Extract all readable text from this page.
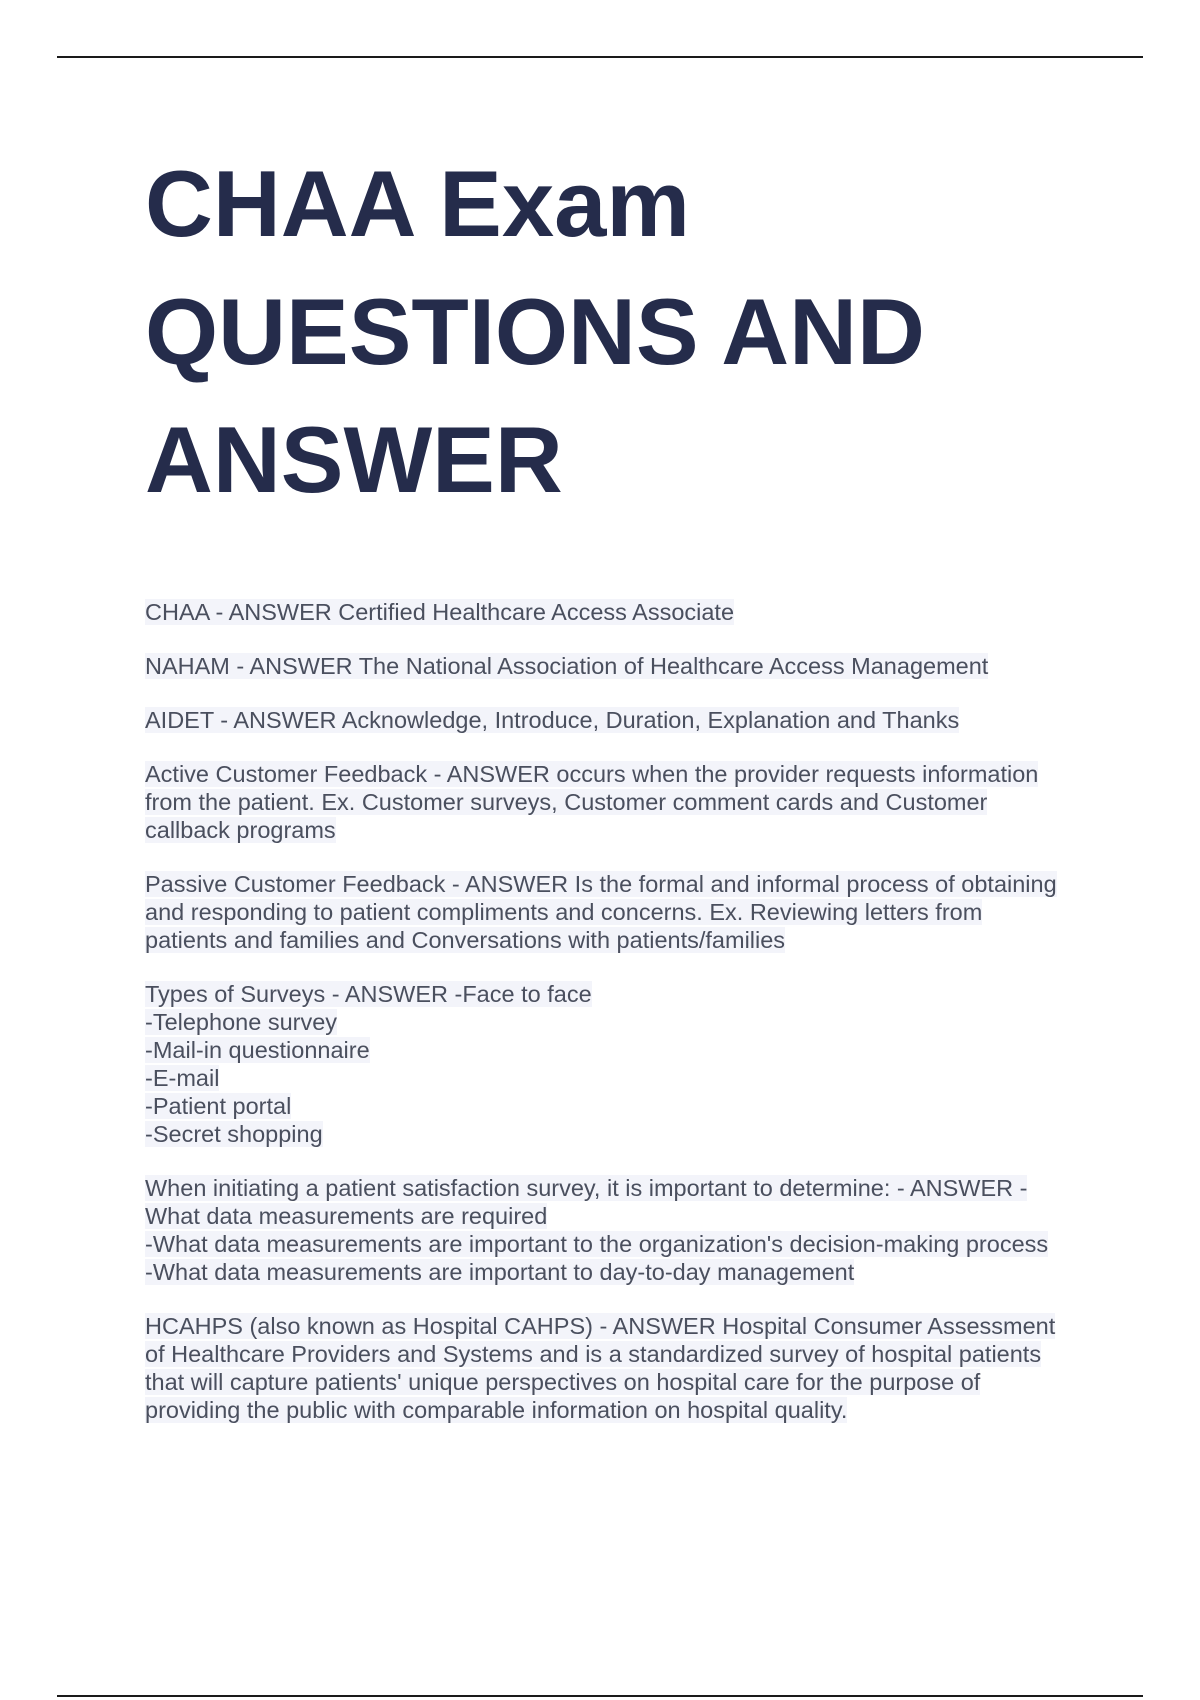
CHAA Exam QUESTIONS AND ANSWER
CHAA - ANSWER Certified Healthcare Access Associate
NAHAM - ANSWER The National Association of Healthcare Access Management
AIDET - ANSWER Acknowledge, Introduce, Duration, Explanation and Thanks
Active Customer Feedback - ANSWER occurs when the provider requests information
from the patient. Ex. Customer surveys, Customer comment cards and Customer
callback programs
Passive Customer Feedback - ANSWER Is the formal and informal process of obtaining
and responding to patient compliments and concerns. Ex. Reviewing letters from
patients and families and Conversations with patients/families
Types of Surveys - ANSWER -Face to face
-Telephone survey
-Mail-in questionnaire
-E-mail
-Patient portal
-Secret shopping
When initiating a patient satisfaction survey, it is important to determine: - ANSWER -
What data measurements are required
-What data measurements are important to the organization's decision-making process
-What data measurements are important to day-to-day management
HCAHPS (also known as Hospital CAHPS) - ANSWER Hospital Consumer Assessment
of Healthcare Providers and Systems and is a standardized survey of hospital patients
that will capture patients' unique perspectives on hospital care for the purpose of
providing the public with comparable information on hospital quality.
